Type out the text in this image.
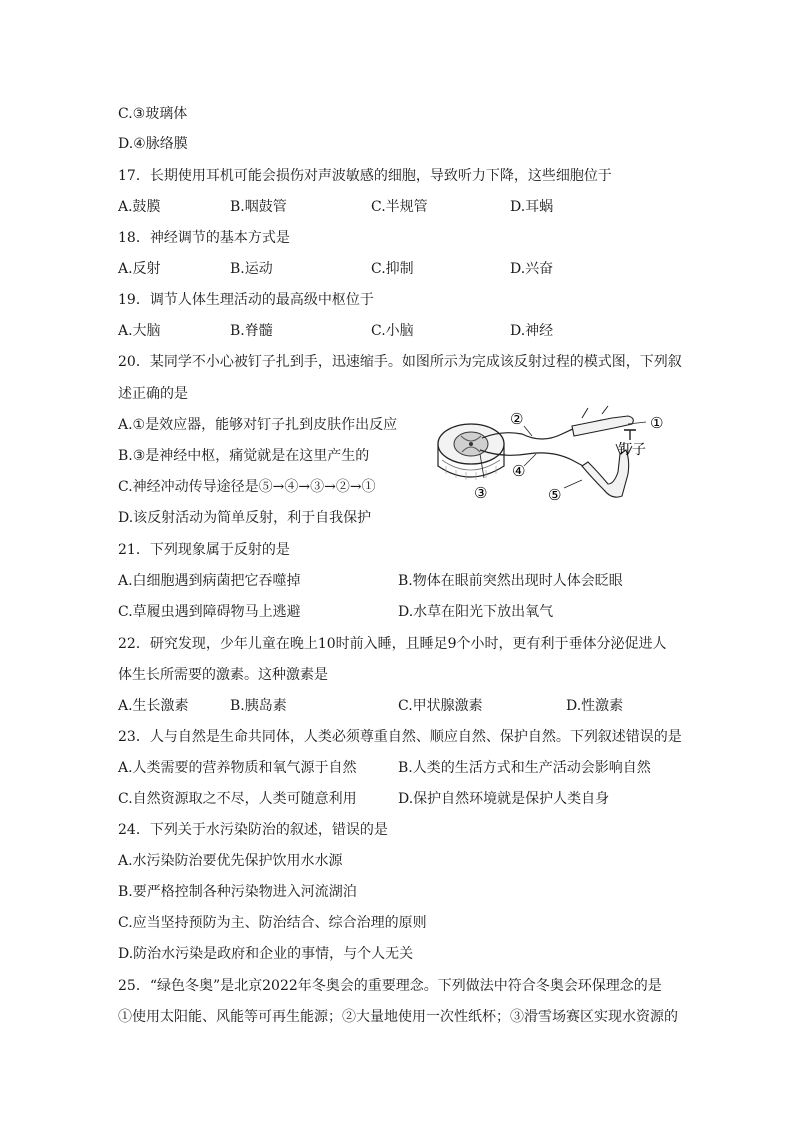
C.③玻璃体
D.④脉络膜
17．长期使用耳机可能会损伤对声波敏感的细胞，导致听力下降，这些细胞位于
A.鼓膜	B.咽鼓管	C.半规管	D.耳蜗
18．神经调节的基本方式是
A.反射	B.运动	C.抑制	D.兴奋
19．调节人体生理活动的最高级中枢位于
A.大脑	B.脊髓	C.小脑	D.神经
20．某同学不小心被钉子扎到手，迅速缩手。如图所示为完成该反射过程的模式图，下列叙
述正确的是
A.①是效应器，能够对钉子扎到皮肤作出反应
B.③是神经中枢，痛觉就是在这里产生的
C.神经冲动传导途径是⑤→④→③→②→①
D.该反射活动为简单反射，利于自我保护
①
②
③
④
⑤
钉子
21．下列现象属于反射的是
A.白细胞遇到病菌把它吞噬掉	B.物体在眼前突然出现时人体会眨眼
C.草履虫遇到障碍物马上逃避	D.水草在阳光下放出氧气
22．研究发现，少年儿童在晚上10时前入睡，且睡足9个小时，更有利于垂体分泌促进人
体生长所需要的激素。这种激素是
A.生长激素	B.胰岛素	C.甲状腺激素	D.性激素
23．人与自然是生命共同体，人类必须尊重自然、顺应自然、保护自然。下列叙述错误的是
A.人类需要的营养物质和氧气源于自然	B.人类的生活方式和生产活动会影响自然
C.自然资源取之不尽，人类可随意利用	D.保护自然环境就是保护人类自身
24．下列关于水污染防治的叙述，错误的是
A.水污染防治要优先保护饮用水水源
B.要严格控制各种污染物进入河流湖泊
C.应当坚持预防为主、防治结合、综合治理的原则
D.防治水污染是政府和企业的事情，与个人无关
25．“绿色冬奥”是北京2022年冬奥会的重要理念。下列做法中符合冬奥会环保理念的是
①使用太阳能、风能等可再生能源；②大量地使用一次性纸杯；③滑雪场赛区实现水资源的
